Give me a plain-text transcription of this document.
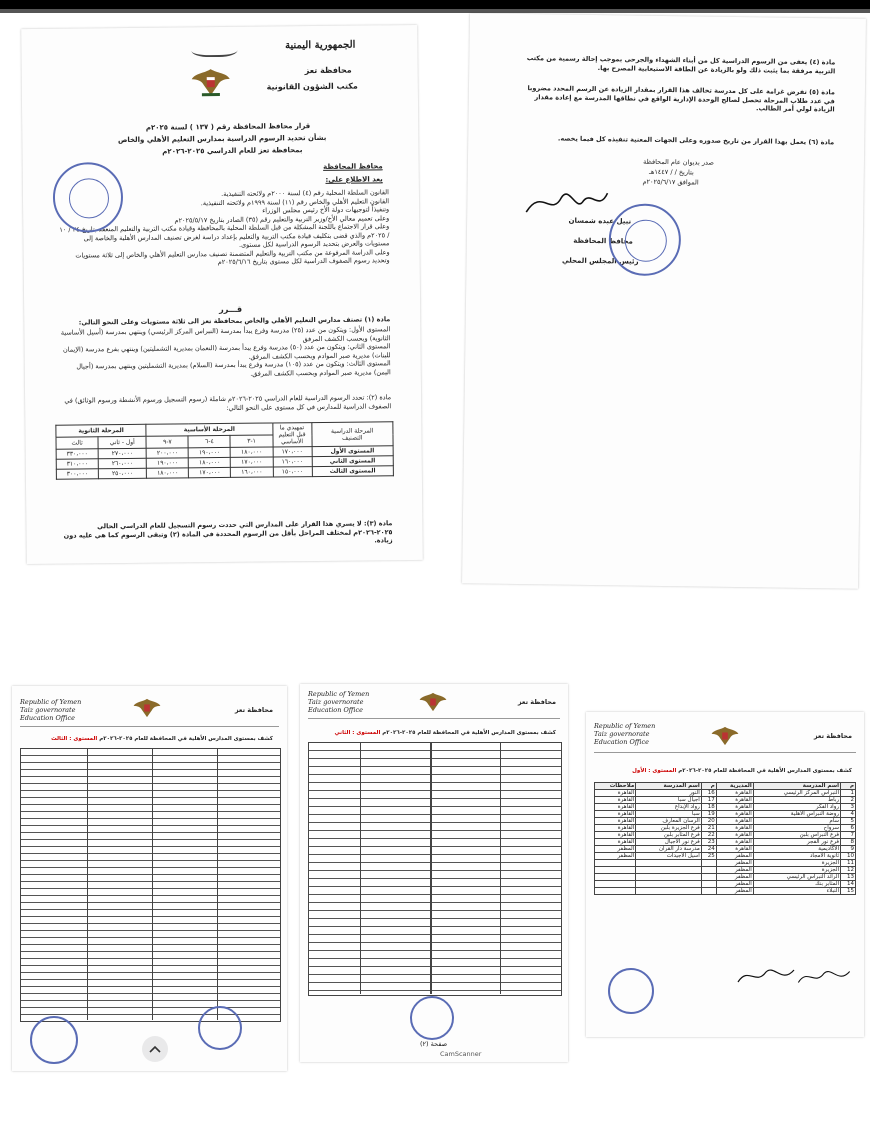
الجمهورية اليمنية
محافظة تعز
مكتب الشؤون القانونية
قرار محافظ المحافظة رقم ( ١٣٧ ) لسنة ٢٠٢٥م
بشأن تحديد الرسوم الدراسية بمدارس التعليم الأهلي والخاص
بمحافظة تعز للعام الدراسي ٢٠٢٥-٢٠٢٦م
محافظ المحافظة
بعد الاطلاع على:
القانون السلطة المحلية رقم (٤) لسنة ٢٠٠٠م ولائحته التنفيذية.
القانون التعليم الأهلي والخاص رقم (١١) لسنة ١٩٩٩م ولائحته التنفيذية.
وتنفيذاً لتوجيهات دولة الأخ رئيس مجلس الوزراء
وعلى تعميم معالي الأخ/وزير التربية والتعليم رقم (٣٥) الصادر بتاريخ ٢٠٢٥/٥/١٧م
وعلى قرار الاجتماع باللجنة المشكلة من قبل السلطة المحلية بالمحافظة وقيادة مكتب التربية والتعليم المنعقد بتاريخ ٢٤ / ١٠ / ٢٠٢٥م والذي قضى بتكليف قيادة مكتب التربية والتعليم بإعداد دراسة لغرض تصنيف المدارس الأهلية والخاصة إلى مستويات والعرض بتحديد الرسوم الدراسية لكل مستوى.
وعلى الدراسة المرفوعة من مكتب التربية والتعليم المتضمنة تصنيف مدارس التعليم الأهلي والخاص إلى ثلاثة مستويات وتحديد رسوم الصفوف الدراسية لكل مستوى بتاريخ ٢٠٢٥/٦/١٦م
قـــرر
مادة (١) تصنف مدارس التعليم الأهلي والخاص بمحافظة تعز الى ثلاثة مستويات وعلى النحو التالي:
المستوى الأول: ويتكون من عدد (٢٥) مدرسة وفرع يبدأ بمدرسة (النبراس المركز الرئيسي) وينتهي بمدرسة (أسيل الأساسية الثانوية) وبحسب الكشف المرفق
المستوى الثاني: ويتكون من عدد (٥٠) مدرسة وفرع يبدأ بمدرسة (النعمان بمديرية التشمليتين) وينتهي بفرع مدرسة (الإيمان للبنات) مديرية صبر الموادم وبحسب الكشف المرفق.
المستوى الثالث: ويتكون من عدد (١٠٥) مدرسة وفرع يبدأ بمدرسة (السلام) بمديرية التشمليتين وينتهي بمدرسة (أجيال اليمن) مديرية صبر الموادم وبحسب الكشف المرفق.
مادة (٢): تحدد الرسوم الدراسية للعام الدراسي ٢٠٢٥-٢٠٢٦م شاملة (رسوم التسجيل ورسوم الأنشطة ورسوم الوثائق) في الصفوف الدراسية للمدارس في كل مستوى على النحو التالي:
المرحلة الدراسية
التصنيف	تمهيدي ما قبل التعليم الأساسي	المرحلة الأساسية			المرحلة الثانوية	
		١-٣	٤-٦	٧-٩	أول - ثاني	ثالث
المستوى الأول	١٧٠،٠٠٠	١٨٠،٠٠٠	١٩٠،٠٠٠	٢٠٠،٠٠٠	٢٧٠،٠٠٠	٣٣٠،٠٠٠
المستوى الثاني	١٦٠،٠٠٠	١٧٠،٠٠٠	١٨٠،٠٠٠	١٩٠،٠٠٠	٢٦٠،٠٠٠	٣١٠،٠٠٠
المستوى الثالث	١٥٠،٠٠٠	١٦٠،٠٠٠	١٧٠،٠٠٠	١٨٠،٠٠٠	٢٥٠،٠٠٠	٣٠٠،٠٠٠
مادة (٣): لا يسري هذا القرار على المدارس التي حددت رسوم التسجيل للعام الدراسي الحالي ٢٠٢٥-٢٠٢٦م لمختلف المراحل بأقل من الرسوم المحددة في المادة (٢) وتبقى الرسوم كما هي عليه دون زيادة.
مادة (٤) يعفى من الرسوم الدراسية كل من أبناء الشهداء والجرحى بموجب إحالة رسمية من مكتب التربية مرفقة بما يثبت ذلك ولو بالزيادة عن الطاقة الاستيعابية المصرح بها.
مادة (٥) تفرض غرامة على كل مدرسة تخالف هذا القرار بمقدار الزيادة عن الرسم المحدد مضروبا في عدد طلاب المرحلة تحصل لصالح الوحدة الإدارية الواقع في نطاقها المدرسة مع إعادة مقدار الزيادة لولي أمر الطالب.
مادة (٦) يعمل بهذا القرار من تاريخ صدوره وعلى الجهات المعنية تنفيذه كل فيما يخصه.
صدر بديوان عام المحافظة
بتاريخ / / ١٤٤٧هـ
الموافق ٢٠٢٥/٦/١٧م
نبيل عبده شمسان
محافظ المحافظة
رئيس المجلس المحلي
Republic of Yemen
Taiz governorate
Education Office
محافظة تعز
كشف بمستوى المدارس الأهلية في المحافظة للعام ٢٠٢٥-٢٠٢٦م المستوى : الثالث
Republic of Yemen
Taiz governorate
Education Office
محافظة تعز
كشف بمستوى المدارس الأهلية في المحافظة للعام ٢٠٢٥-٢٠٢٦م المستوى : الثاني
صفحة (٢)
CamScanner
Republic of Yemen
Taiz governorate
Education Office
محافظة تعز
كشف بمستوى المدارس الأهلية في المحافظة للعام ٢٠٢٥-٢٠٢٦م المستوى : الأول
م	اسم المدرسة	المديرية	م	اسم المدرسة	ملاحظات
1	النبراس المركز الرئيسي	القاهرة	16	النور	القاهرة
2	رباط	القاهرة	17	أجيال سبأ	القاهرة
3	رواد الفكر	القاهرة	18	رواد الإبداع	القاهرة
4	روضة النبراس الأهلية	القاهرة	19	سبأ	القاهرة
5	سام	القاهرة	20	الرسان المعارف	القاهرة
6	سرواح	القاهرة	21	فرع الجزيرة بلبن	القاهرة
7	فرع النبراس بلبن	القاهرة	22	فرع المثابر بلبن	القاهرة
8	فرع نور الفجر	القاهرة	23	فرع نور الأجيال	القاهرة
9	الأكاديمية	القاهرة	24	مدرسة دار القرآن	المظفر
10	ثانوية الأمجاد	المظفر	25	أسيل الأجيدات	المظفر
11	الجزيرة	المظفر			
12	الجزيرة	المظفر			
13	الرائد النبراس الرئيسي	المظفر			
14	المثابر بنك	المظفر			
15	النبلاء	المظفر			
